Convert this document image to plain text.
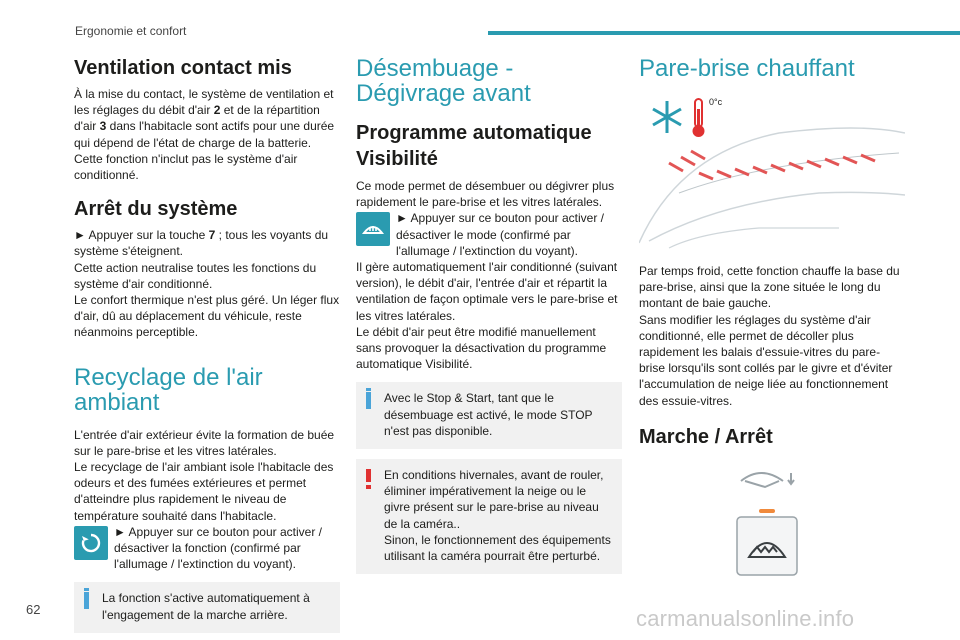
Ergonomie et confort
Ventilation contact mis

À la mise du contact, le système de ventilation et les réglages du débit d'air 2 et de la répartition d'air 3 dans l'habitacle sont actifs pour une durée qui dépend de l'état de charge de la batterie.

Cette fonction n'inclut pas le système d'air conditionné.

Arrêt du système

► Appuyer sur la touche 7 ; tous les voyants du système s'éteignent.

Cette action neutralise toutes les fonctions du système d'air conditionné.

Le confort thermique n'est plus géré. Un léger flux d'air, dû au déplacement du véhicule, reste néanmoins perceptible.

Recyclage de l'air ambiant

L'entrée d'air extérieur évite la formation de buée sur le pare-brise et les vitres latérales.

Le recyclage de l'air ambiant isole l'habitacle des odeurs et des fumées extérieures et permet d'atteindre plus rapidement le niveau de température souhaité dans l'habitacle.

► Appuyer sur ce bouton pour activer / désactiver la fonction (confirmé par l'allumage / l'extinction du voyant).

La fonction s'active automatiquement à l'engagement de la marche arrière.

Désembuage - Dégivrage avant
Programme automatique Visibilité

Ce mode permet de désembuer ou dégivrer plus rapidement le pare-brise et les vitres latérales.

► Appuyer sur ce bouton pour activer / désactiver le mode (confirmé par l'allumage / l'extinction du voyant).

Il gère automatiquement l'air conditionné (suivant version), le débit d'air, l'entrée d'air et répartit la ventilation de façon optimale vers le pare-brise et les vitres latérales.

Le débit d'air peut être modifié manuellement sans provoquer la désactivation du programme automatique Visibilité.

Avec le Stop & Start, tant que le désembuage est activé, le mode STOP n'est pas disponible.

En conditions hivernales, avant de rouler, éliminer impérativement la neige ou le givre présent sur le pare-brise au niveau de la caméra..

Sinon, le fonctionnement des équipements utilisant la caméra pourrait être perturbé.

Pare-brise chauffant
0°c

Par temps froid, cette fonction chauffe la base du pare-brise, ainsi que la zone située le long du montant de baie gauche.

Sans modifier les réglages du système d'air conditionné, elle permet de décoller plus rapidement les balais d'essuie-vitres du pare-brise lorsqu'ils sont collés par le givre et d'éviter l'accumulation de neige liée au fonctionnement des essuie-vitres.

Marche / Arrêt
62	carmanualsonline.info
